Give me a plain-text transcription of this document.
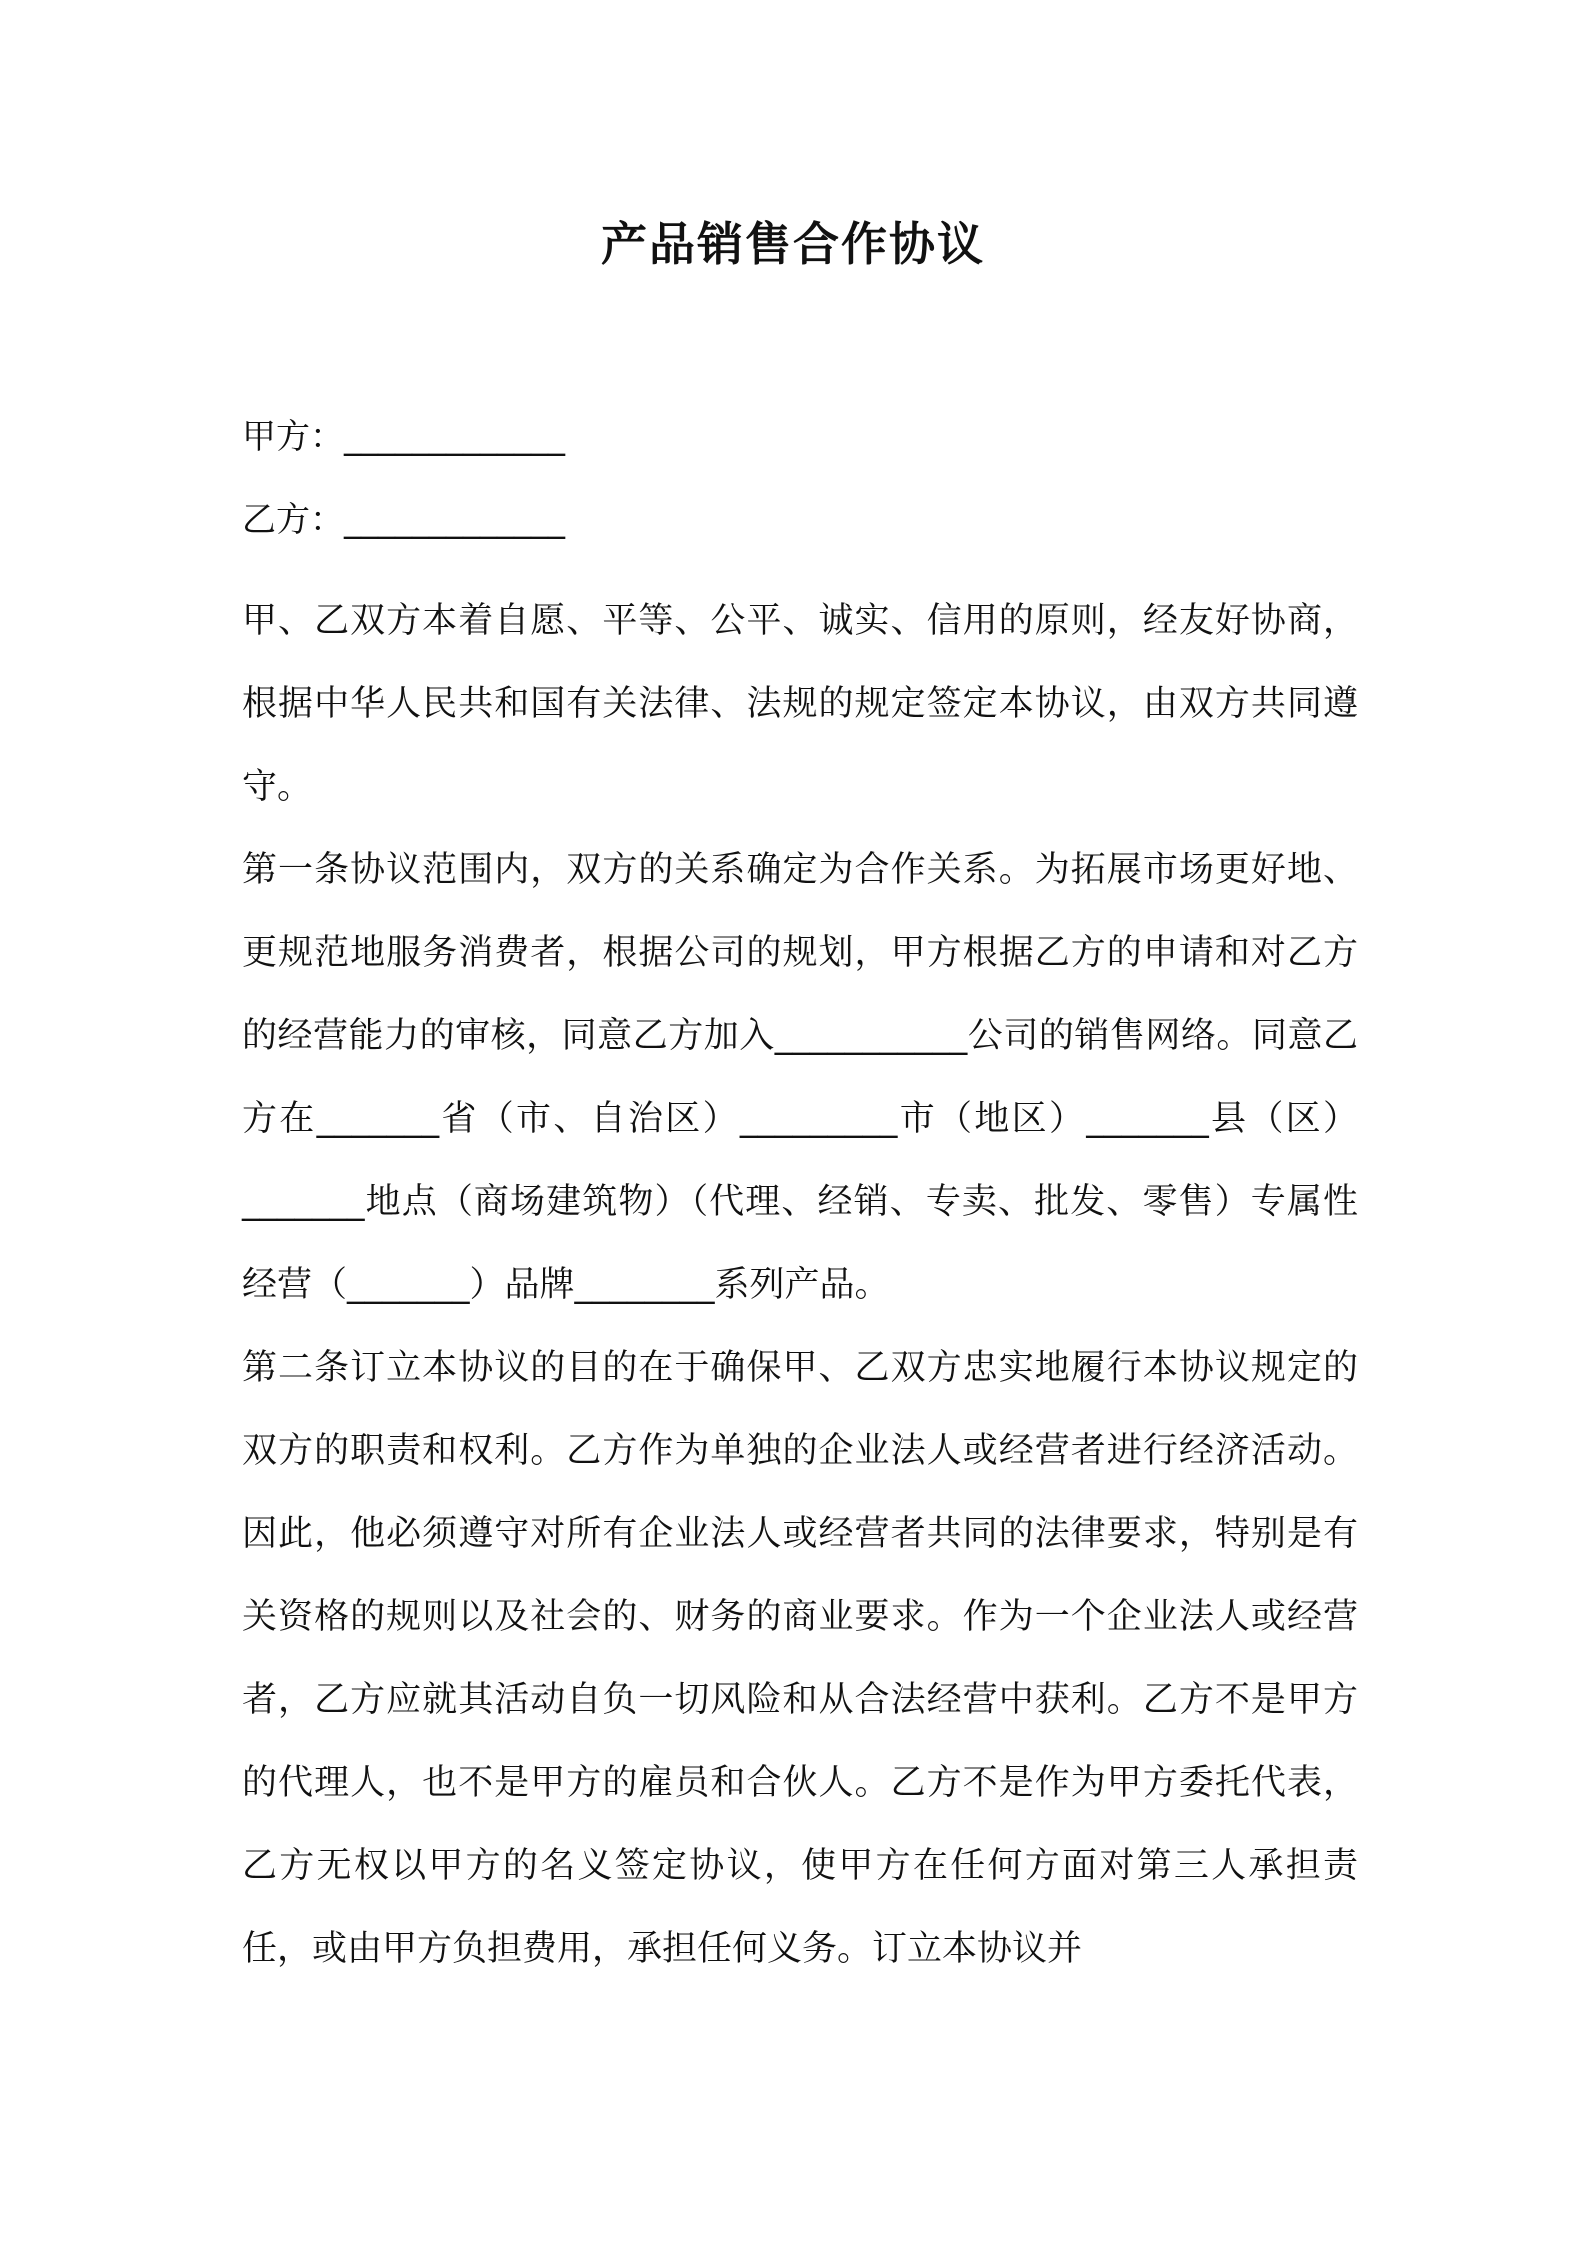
产品销售合作协议
甲方：_____________
乙方：_____________

甲、乙双方本着自愿、平等、公平、诚实、信用的原则，经友好协商，根据中华人民共和国有关法律、法规的规定签定本协议，由双方共同遵守。

第一条协议范围内，双方的关系确定为合作关系。为拓展市场更好地、更规范地服务消费者，根据公司的规划，甲方根据乙方的申请和对乙方的经营能力的审核，同意乙方加入___________公司的销售网络。同意乙方在_______省（市、自治区）_________市（地区）_______县（区）_______地点（商场建筑物）（代理、经销、专卖、批发、零售）专属性经营（_______）品牌________系列产品。

第二条订立本协议的目的在于确保甲、乙双方忠实地履行本协议规定的双方的职责和权利。乙方作为单独的企业法人或经营者进行经济活动。因此，他必须遵守对所有企业法人或经营者共同的法律要求，特别是有关资格的规则以及社会的、财务的商业要求。作为一个企业法人或经营者，乙方应就其活动自负一切风险和从合法经营中获利。乙方不是甲方的代理人，也不是甲方的雇员和合伙人。乙方不是作为甲方委托代表，乙方无权以甲方的名义签定协议，使甲方在任何方面对第三人承担责任，或由甲方负担费用，承担任何义务。订立本协议并
